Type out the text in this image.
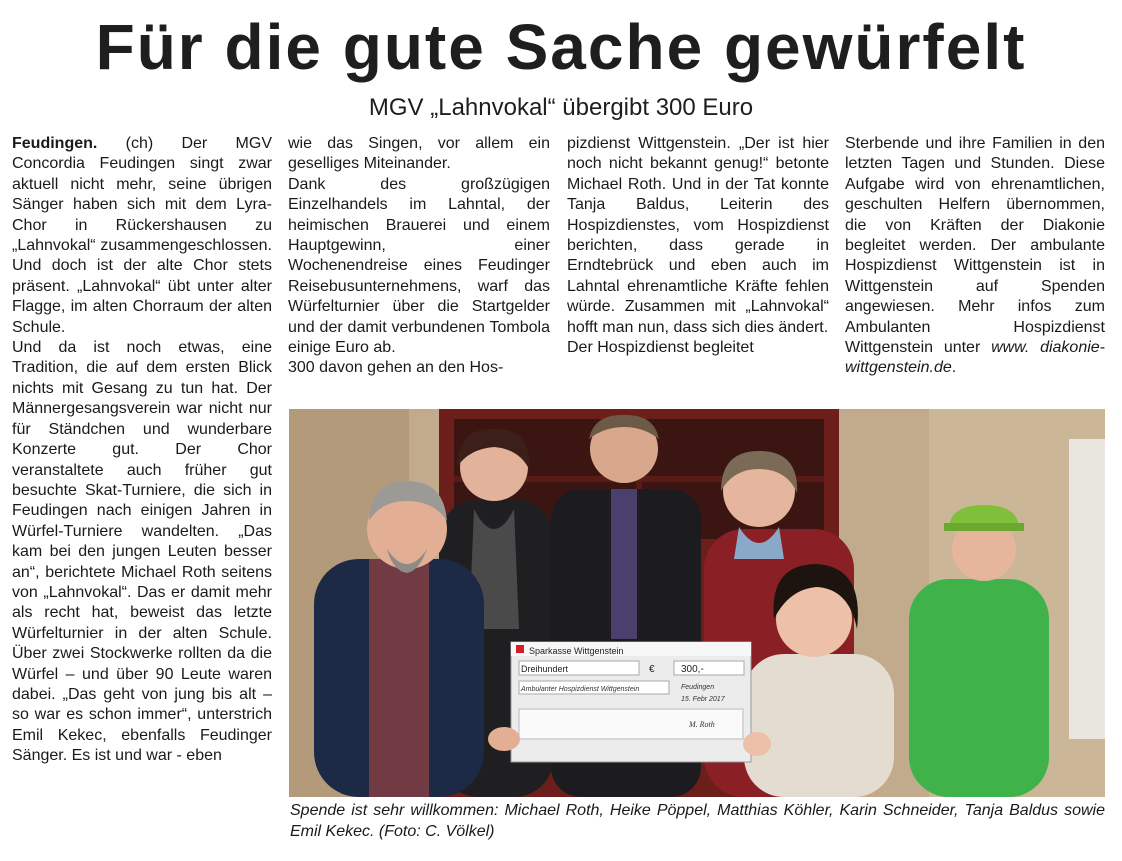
Für die gute Sache gewürfelt
MGV „Lahnvokal“ übergibt 300 Euro

Feudingen. (ch) Der MGV Concordia Feudingen singt zwar aktuell nicht mehr, seine übrigen Sänger haben sich mit dem Lyra-Chor in Rückershausen zu „Lahnvokal“ zusammengeschlossen. Und doch ist der alte Chor stets präsent. „Lahnvokal“ übt unter alter Flagge, im alten Chorraum der alten Schule.

Und da ist noch etwas, eine Tradition, die auf dem ersten Blick nichts mit Gesang zu tun hat. Der Männergesangsverein war nicht nur für Ständchen und wunderbare Konzerte gut. Der Chor veranstaltete auch früher gut besuchte Skat-Turniere, die sich in Feudingen nach einigen Jahren in Würfel-Turniere wandelten. „Das kam bei den jungen Leuten besser an“, berichtete Michael Roth seitens von „Lahnvokal“. Das er damit mehr als recht hat, beweist das letzte Würfelturnier in der alten Schule. Über zwei Stockwerke rollten da die Würfel – und über 90 Leute waren dabei. „Das geht von jung bis alt – so war es schon immer“, unterstrich Emil Kekec, ebenfalls Feudinger Sänger. Es ist und war - eben

wie das Singen, vor allem ein geselliges Miteinander.

Dank des großzügigen Einzelhandels im Lahntal, der heimischen Brauerei und einem Hauptgewinn, einer Wochenendreise eines Feudinger Reisebusunternehmens, warf das Würfelturnier über die Startgelder und der damit verbundenen Tombola einige Euro ab.

300 davon gehen an den Hos-

pizdienst Wittgenstein. „Der ist hier noch nicht bekannt genug!“ betonte Michael Roth. Und in der Tat konnte Tanja Baldus, Leiterin des Hospizdienstes, vom Hospizdienst berichten, dass gerade in Erndtebrück und eben auch im Lahntal ehrenamtliche Kräfte fehlen würde. Zusammen mit „Lahnvokal“ hofft man nun, dass sich dies ändert.

Der Hospizdienst begleitet

Sterbende und ihre Familien in den letzten Tagen und Stunden. Diese Aufgabe wird von ehrenamtlichen, geschulten Helfern übernommen, die von Kräften der Diakonie begleitet werden. Der ambulante Hospizdienst Wittgenstein ist in Wittgenstein auf Spenden angewiesen. Mehr infos zum Ambulanten Hospizdienst Wittgenstein unter www. diakonie-wittgenstein.de.

Sparkasse Wittgenstein
Dreihundert	€	300,-
Ambulanter Hospizdienst Wittgenstein	Feudingen
15. Febr 2017
M. Roth
Spende ist sehr willkommen: Michael Roth, Heike Pöppel, Matthias Köhler, Karin Schneider, Tanja Baldus sowie Emil Kekec. (Foto: C. Völkel)
